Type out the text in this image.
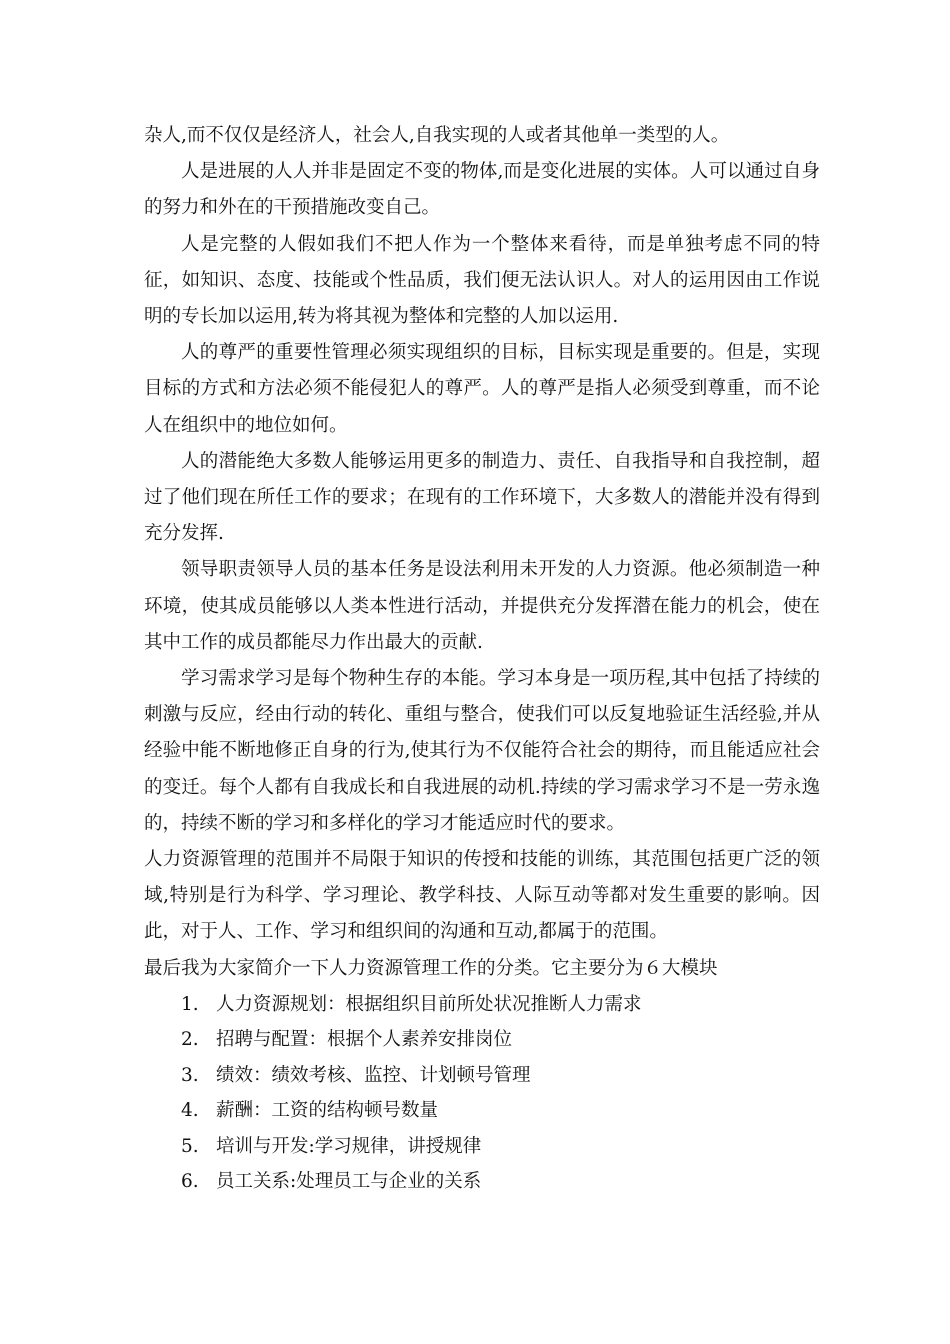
杂人,而不仅仅是经济人，社会人,自我实现的人或者其他单一类型的人。

人是进展的人人并非是固定不变的物体,而是变化进展的实体。人可以通过自身的努力和外在的干预措施改变自己。

人是完整的人假如我们不把人作为一个整体来看待，而是单独考虑不同的特征，如知识、态度、技能或个性品质，我们便无法认识人。对人的运用因由工作说明的专长加以运用,转为将其视为整体和完整的人加以运用.

人的尊严的重要性管理必须实现组织的目标，目标实现是重要的。但是，实现目标的方式和方法必须不能侵犯人的尊严。人的尊严是指人必须受到尊重，而不论人在组织中的地位如何。

人的潜能绝大多数人能够运用更多的制造力、责任、自我指导和自我控制，超过了他们现在所任工作的要求；在现有的工作环境下，大多数人的潜能并没有得到充分发挥.

领导职责领导人员的基本任务是设法利用未开发的人力资源。他必须制造一种环境，使其成员能够以人类本性进行活动，并提供充分发挥潜在能力的机会，使在其中工作的成员都能尽力作出最大的贡献.

学习需求学习是每个物种生存的本能。学习本身是一项历程,其中包括了持续的刺激与反应，经由行动的转化、重组与整合，使我们可以反复地验证生活经验,并从经验中能不断地修正自身的行为,使其行为不仅能符合社会的期待，而且能适应社会的变迁。每个人都有自我成长和自我进展的动机.持续的学习需求学习不是一劳永逸的，持续不断的学习和多样化的学习才能适应时代的要求。

人力资源管理的范围并不局限于知识的传授和技能的训练，其范围包括更广泛的领域,特别是行为科学、学习理论、教学科技、人际互动等都对发生重要的影响。因此，对于人、工作、学习和组织间的沟通和互动,都属于的范围。

最后我为大家简介一下人力资源管理工作的分类。它主要分为６大模块

1. 人力资源规划：根据组织目前所处状况推断人力需求
2. 招聘与配置：根据个人素养安排岗位
3. 绩效：绩效考核、监控、计划顿号管理
4. 薪酬：工资的结构顿号数量
5. 培训与开发:学习规律，讲授规律
6. 员工关系:处理员工与企业的关系
